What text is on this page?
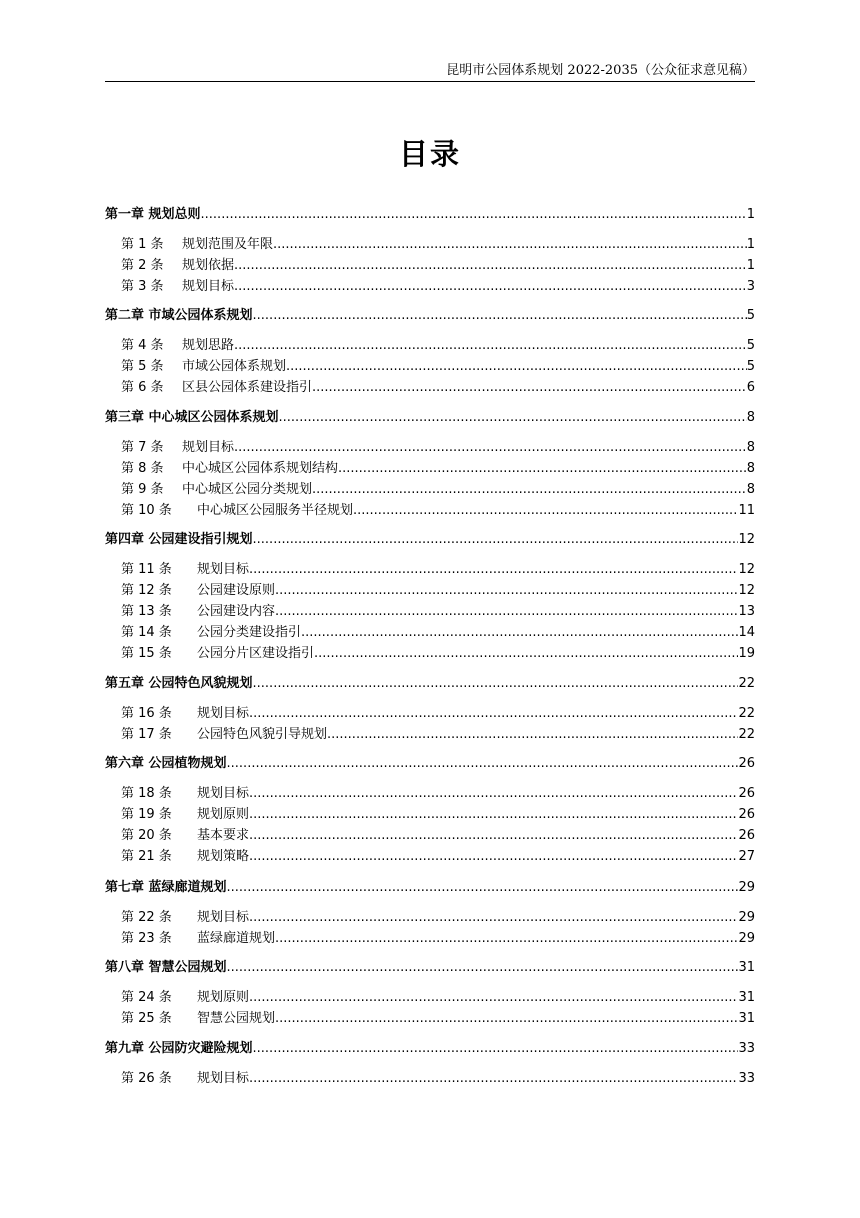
昆明市公园体系规划 2022-2035（公众征求意见稿）
目录
第一章 规划总则 .....	1
第 1 条	规划范围及年限 .....	1
第 2 条	规划依据 .....	1
第 3 条	规划目标 .....	3
第二章 市域公园体系规划 .....	5
第 4 条	规划思路 .....	5
第 5 条	市域公园体系规划 .....	5
第 6 条	区县公园体系建设指引 .....	6
第三章 中心城区公园体系规划 .....	8
第 7 条	规划目标 .....	8
第 8 条	中心城区公园体系规划结构 .....	8
第 9 条	中心城区公园分类规划 .....	8
第 10 条	中心城区公园服务半径规划 .....	11
第四章 公园建设指引规划 .....	12
第 11 条	规划目标 .....	12
第 12 条	公园建设原则 .....	12
第 13 条	公园建设内容 .....	13
第 14 条	公园分类建设指引 .....	14
第 15 条	公园分片区建设指引 .....	19
第五章 公园特色风貌规划 .....	22
第 16 条	规划目标 .....	22
第 17 条	公园特色风貌引导规划 .....	22
第六章 公园植物规划 .....	26
第 18 条	规划目标 .....	26
第 19 条	规划原则 .....	26
第 20 条	基本要求 .....	26
第 21 条	规划策略 .....	27
第七章 蓝绿廊道规划 .....	29
第 22 条	规划目标 .....	29
第 23 条	蓝绿廊道规划 .....	29
第八章 智慧公园规划 .....	31
第 24 条	规划原则 .....	31
第 25 条	智慧公园规划 .....	31
第九章 公园防灾避险规划 .....	33
第 26 条	规划目标 .....	33
